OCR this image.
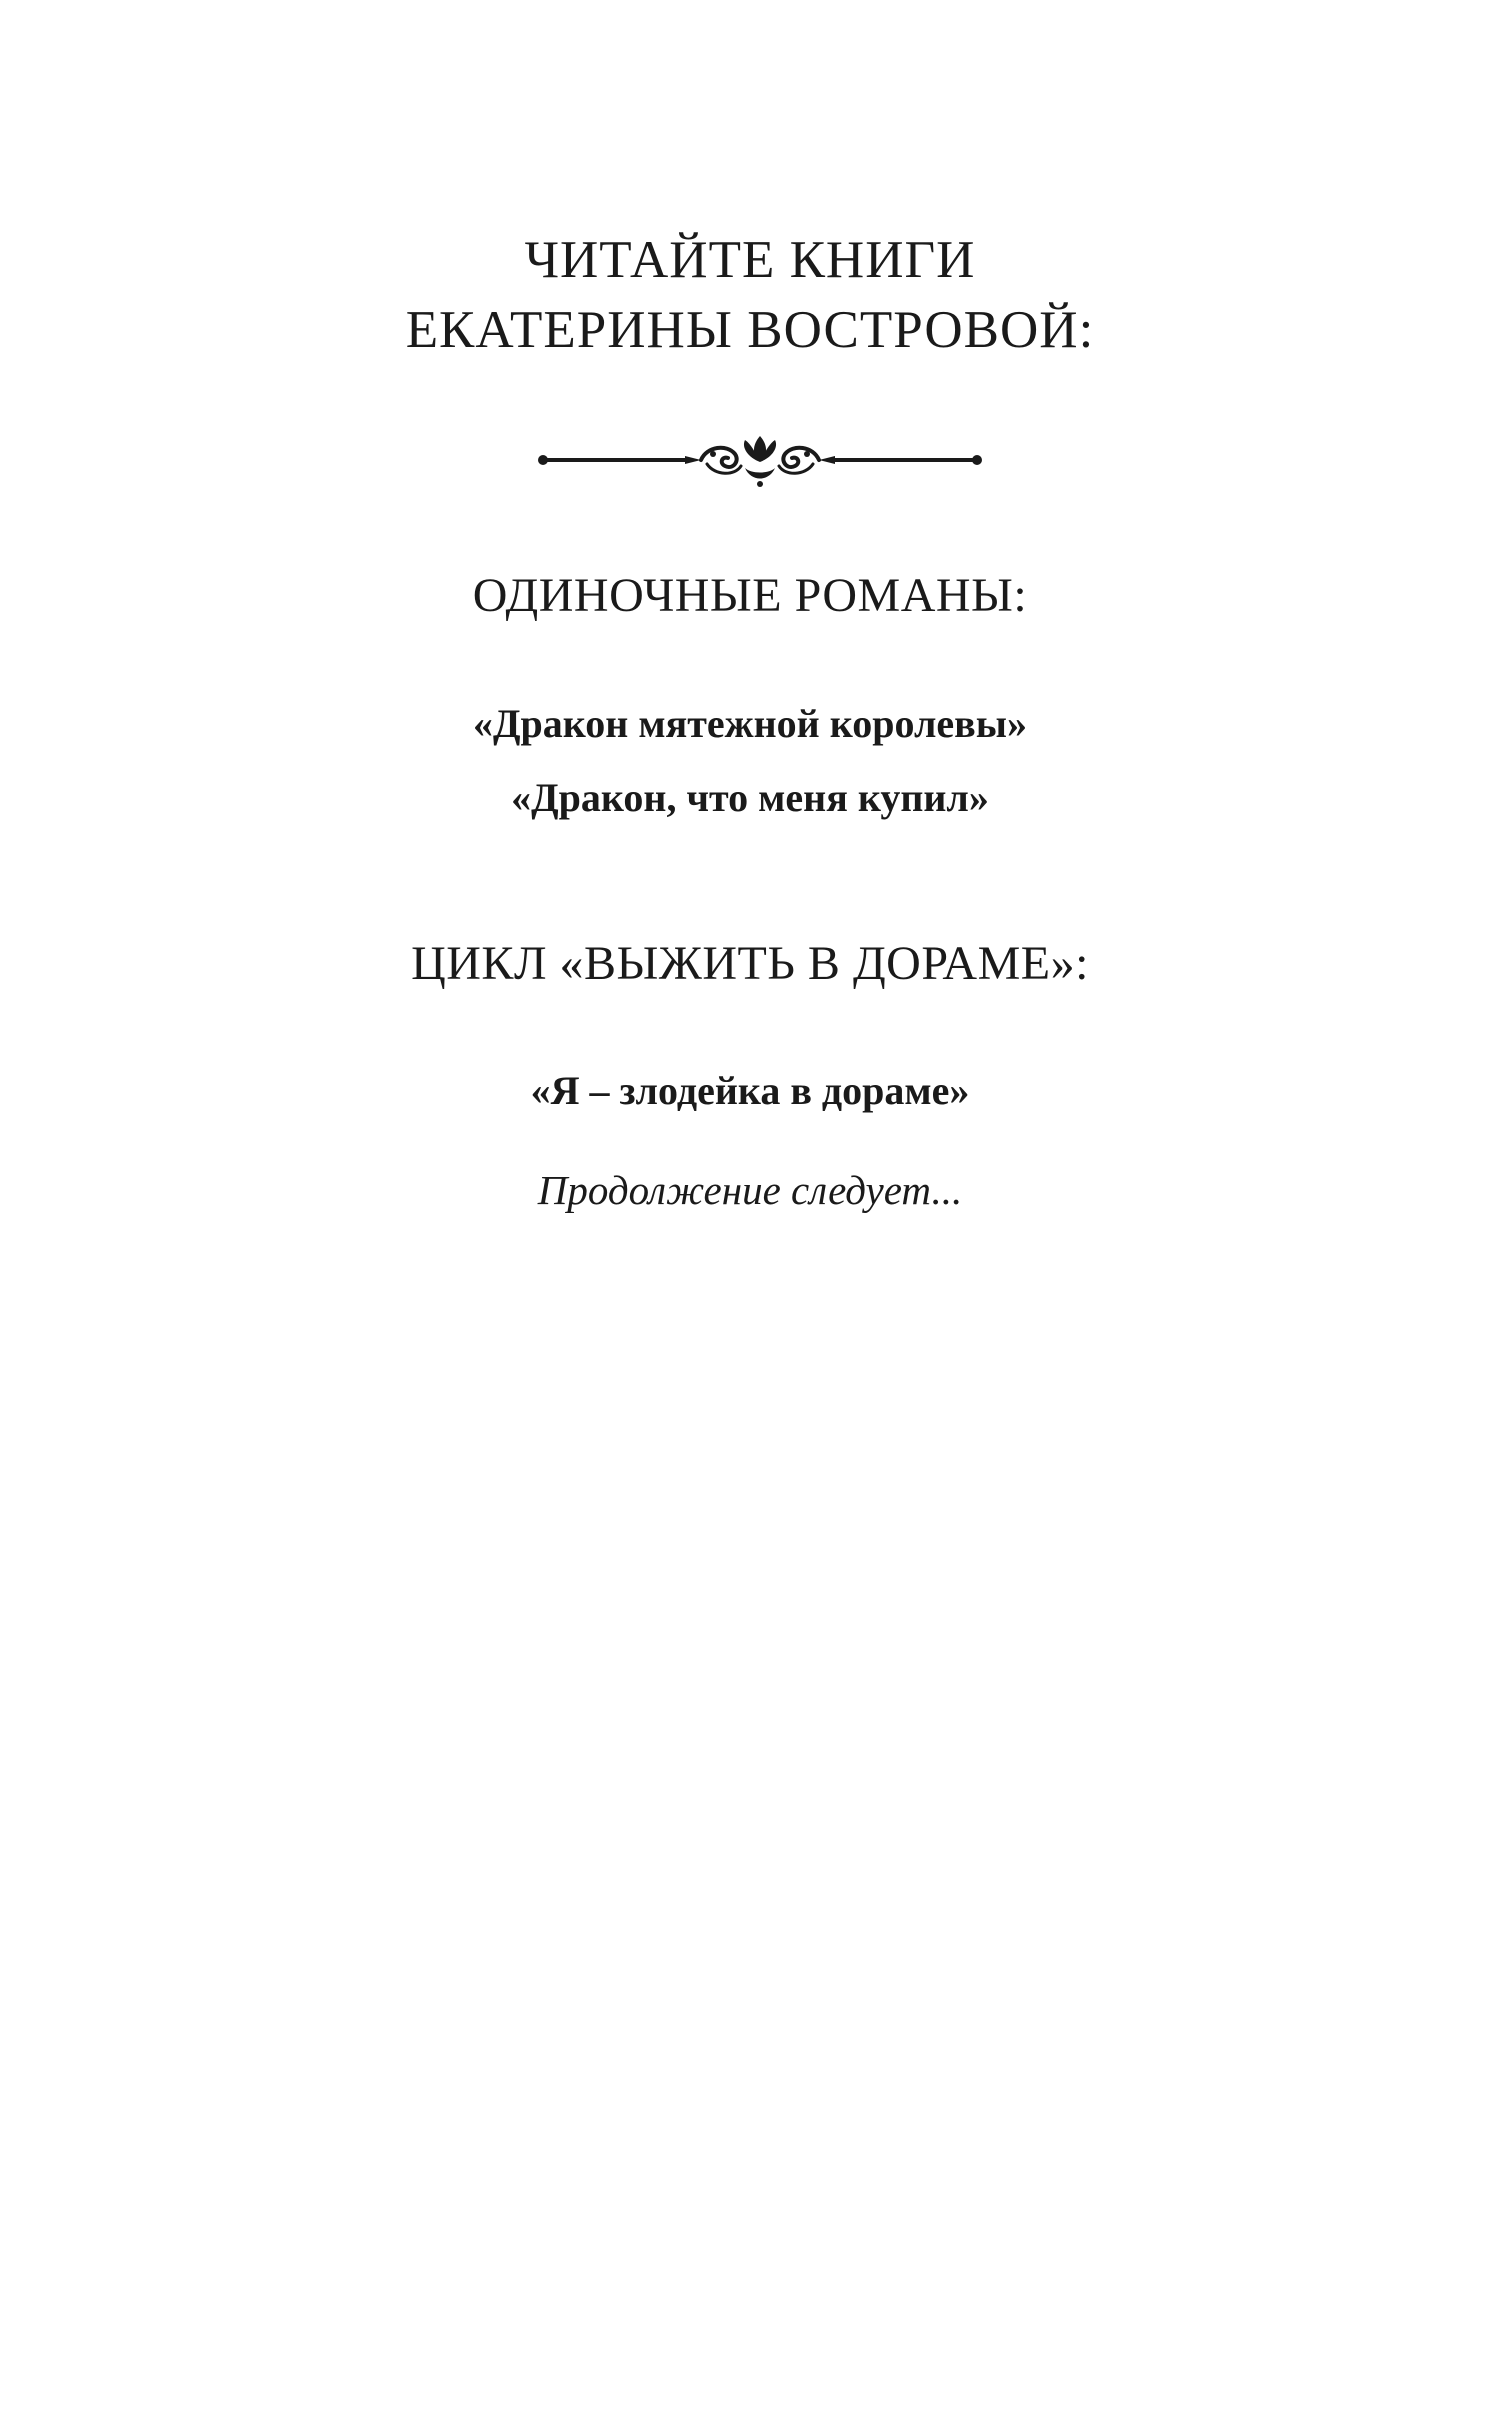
ЧИТАЙТЕ КНИГИ
ЕКАТЕРИНЫ ВОСТРОВОЙ:
ОДИНОЧНЫЕ РОМАНЫ:
«Дракон мятежной королевы»
«Дракон, что меня купил»
ЦИКЛ «ВЫЖИТЬ В ДОРАМЕ»:
«Я – злодейка в дораме»
Продолжение следует...
